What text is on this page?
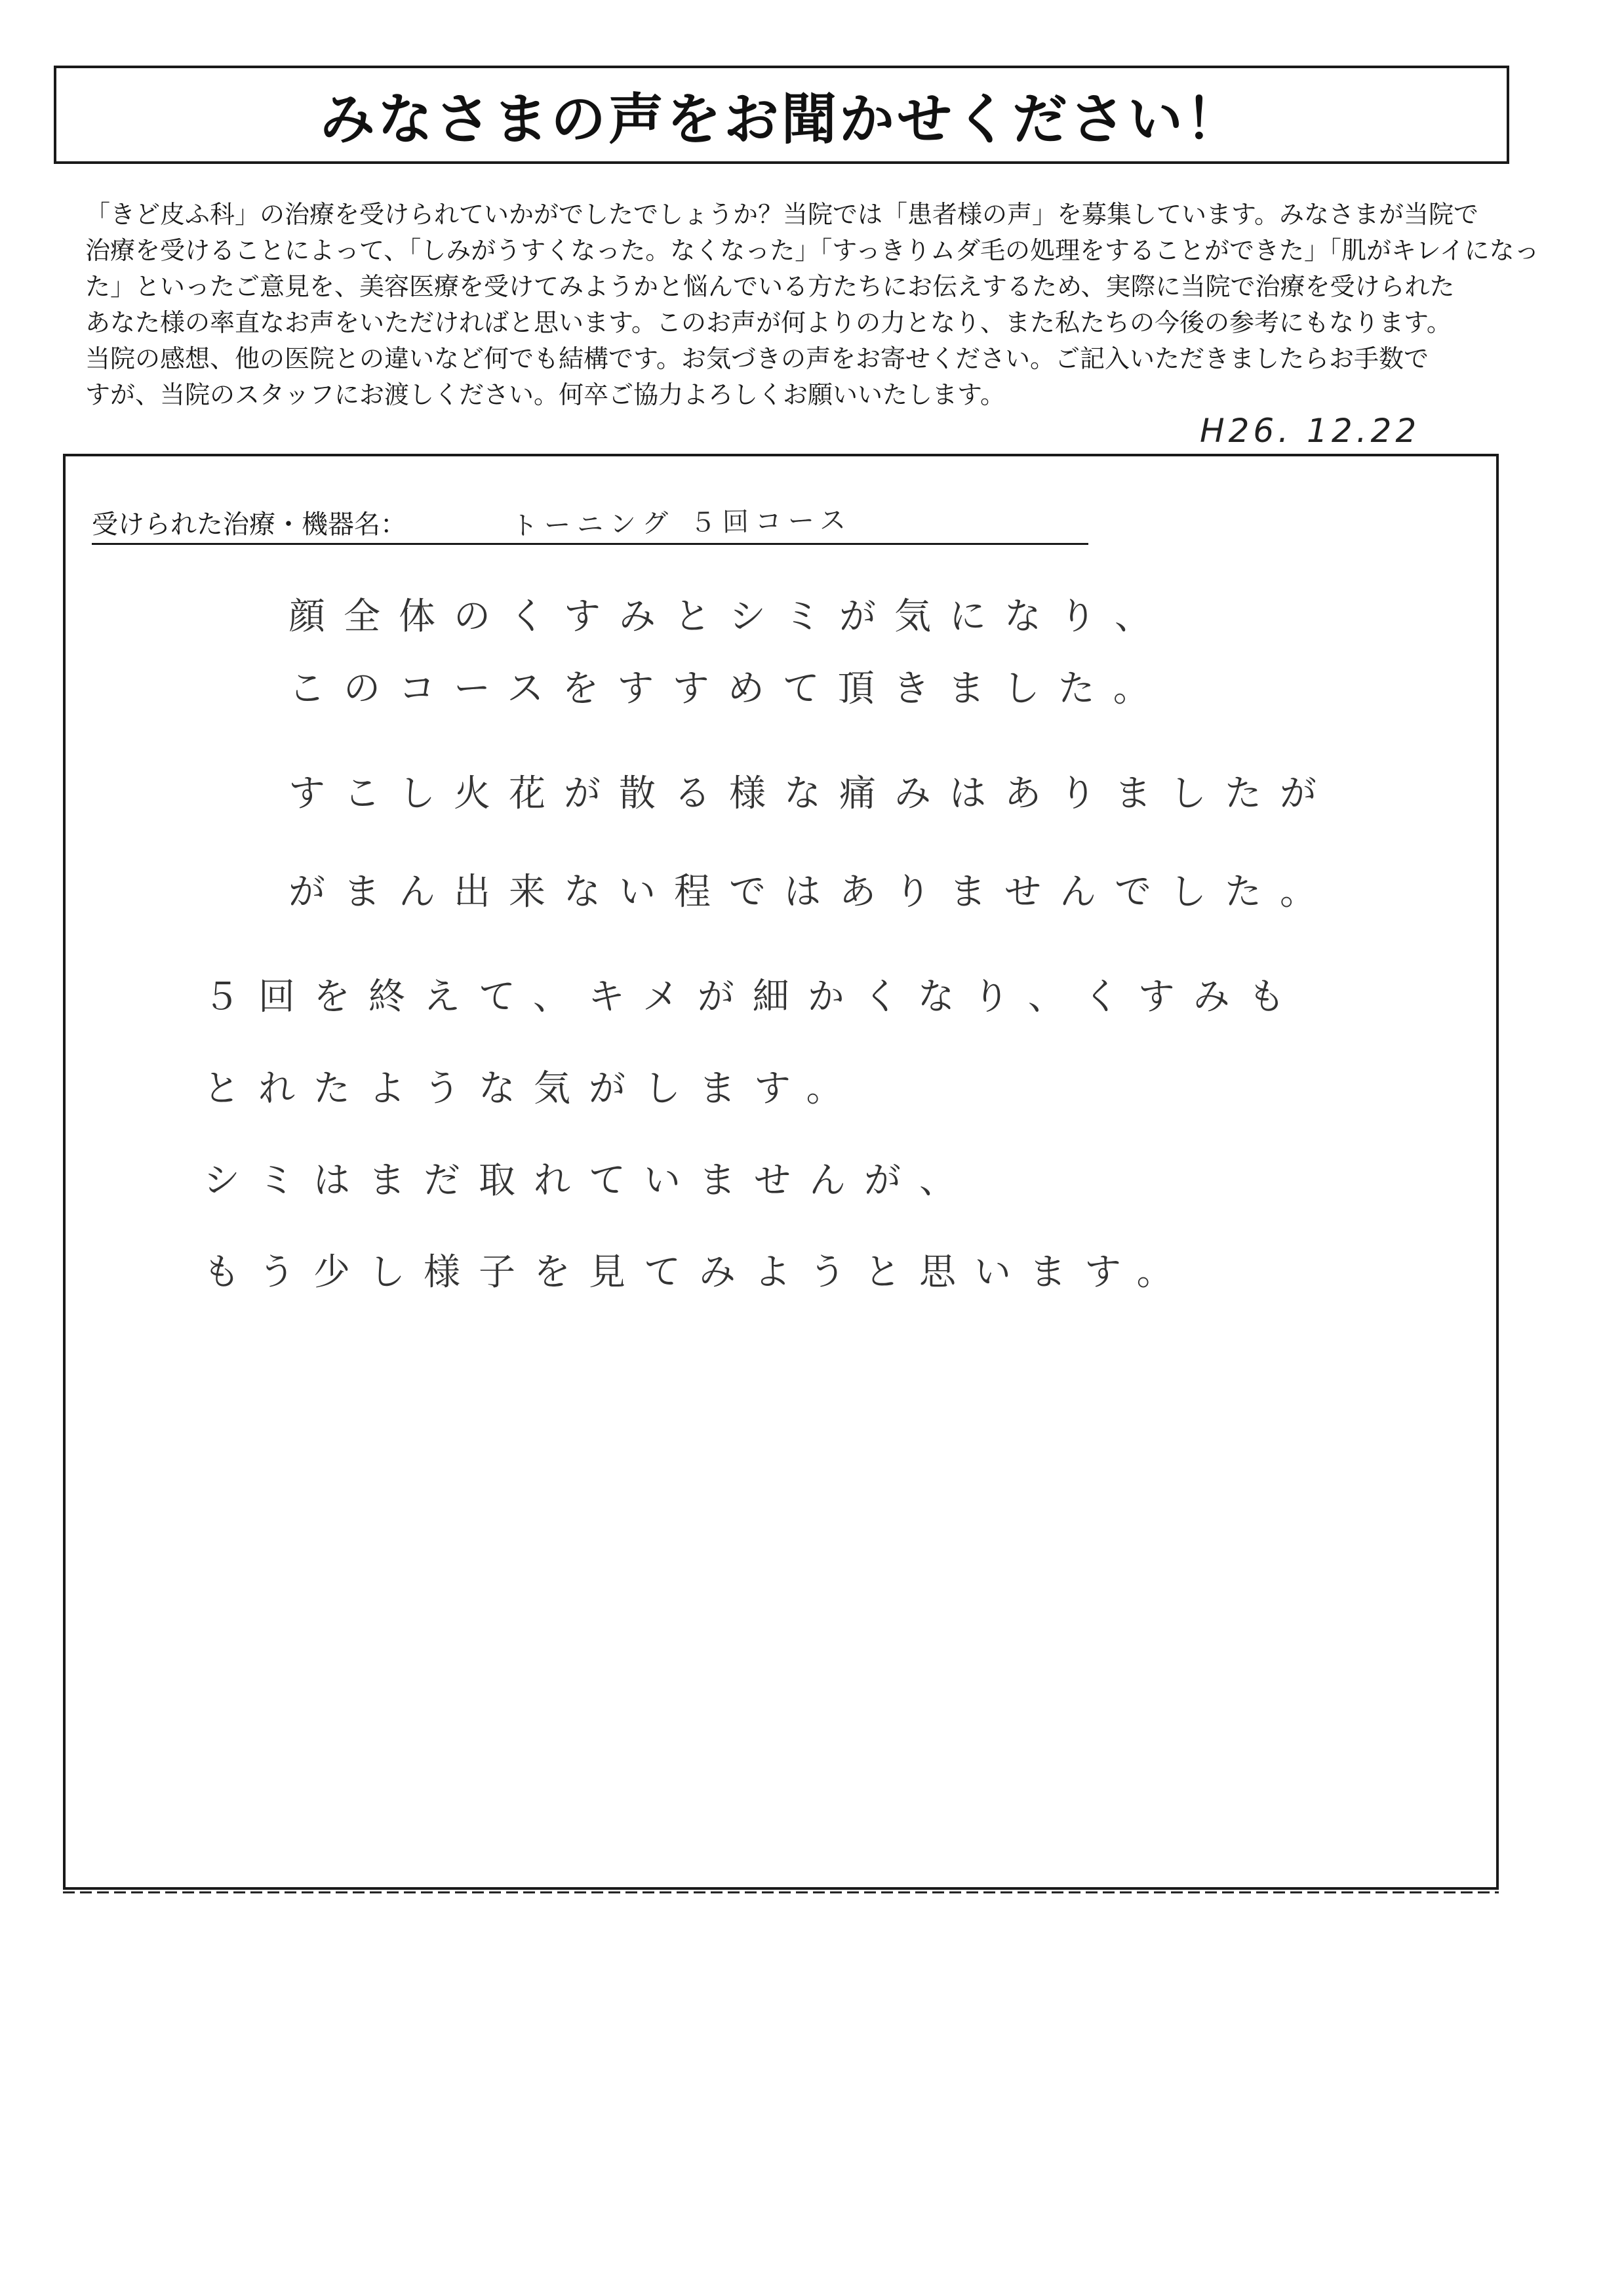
みなさまの声をお聞かせください！
「きど皮ふ科」の治療を受けられていかがでしたでしょうか？当院では「患者様の声」を募集しています。みなさまが当院で
治療を受けることによって、「しみがうすくなった。なくなった」「すっきりムダ毛の処理をすることができた」「肌がキレイになっ
た」といったご意見を、美容医療を受けてみようかと悩んでいる方たちにお伝えするため、実際に当院で治療を受けられた
あなた様の率直なお声をいただければと思います。このお声が何よりの力となり、また私たちの今後の参考にもなります。
当院の感想、他の医院との違いなど何でも結構です。お気づきの声をお寄せください。ご記入いただきましたらお手数で
すが、当院のスタッフにお渡しください。何卒ご協力よろしくお願いいたします。
H26. 12.22
受けられた治療・機器名：	トーニング ５回コース
顔全体のくすみとシミが気になり、
このコースをすすめて頂きました。
すこし火花が散る様な痛みはありましたが
がまん出来ない程ではありませんでした。
５回を終えて、キメが細かくなり、くすみも
とれたような気がします。
シミはまだ取れていませんが、
もう少し様子を見てみようと思います。
